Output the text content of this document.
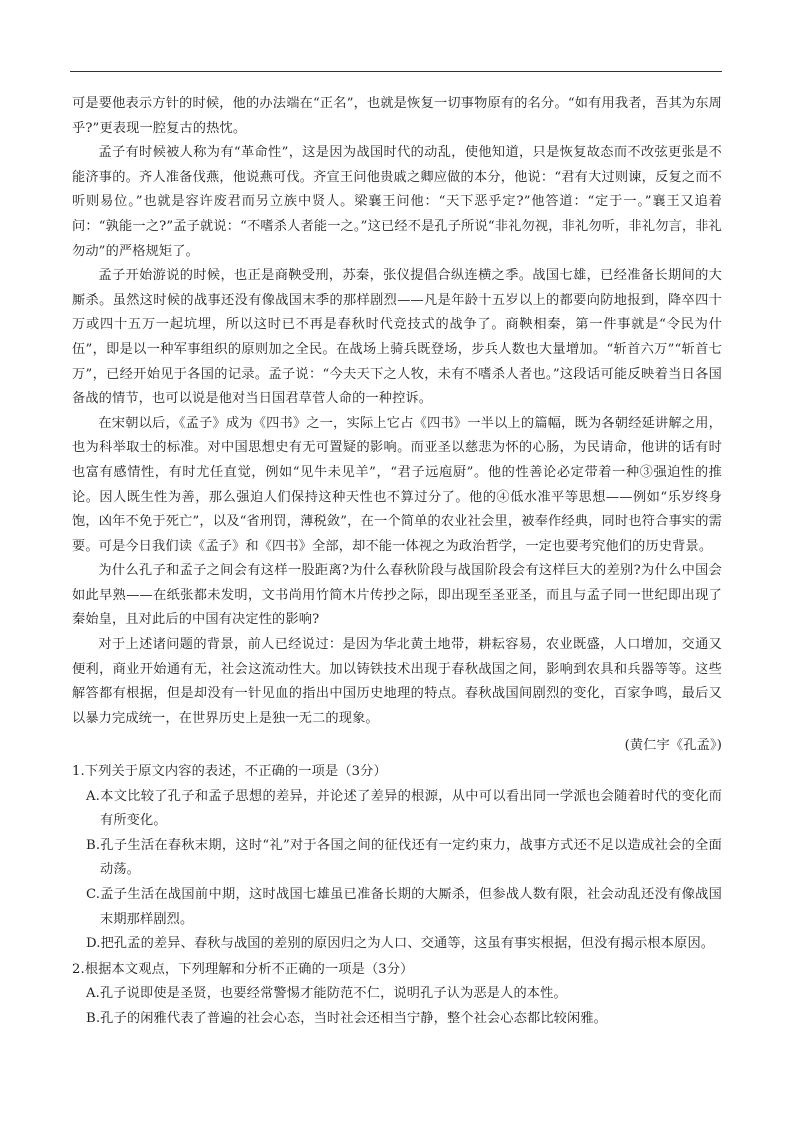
可是要他表示方针的时候，他的办法端在“正名”，也就是恢复一切事物原有的名分。“如有用我者，吾其为东周乎?”更表现一腔复古的热忱。

孟子有时候被人称为有“革命性”，这是因为战国时代的动乱，使他知道，只是恢复故态而不改弦更张是不能济事的。齐人准备伐燕，他说燕可伐。齐宣王问他贵戚之卿应做的本分，他说：“君有大过则谏，反复之而不听则易位。”也就是容许废君而另立族中贤人。梁襄王问他：“天下恶乎定?”他答道：“定于一。”襄王又追着问：“孰能一之?”孟子就说：“不嗜杀人者能一之。”这已经不是孔子所说“非礼勿视，非礼勿听，非礼勿言，非礼勿动”的严格规矩了。

孟子开始游说的时候，也正是商鞅受刑，苏秦，张仪提倡合纵连横之季。战国七雄，已经准备长期间的大厮杀。虽然这时候的战事还没有像战国末季的那样剧烈——凡是年龄十五岁以上的都要向防地报到，降卒四十万或四十五万一起坑埋，所以这时已不再是春秋时代竞技式的战争了。商鞅相秦，第一件事就是“令民为什伍”，即是以一种军事组织的原则加之全民。在战场上骑兵既登场，步兵人数也大量增加。“斩首六万”“斩首七万”，已经开始见于各国的记录。孟子说：“今夫天下之人牧，未有不嗜杀人者也。”这段话可能反映着当日各国备战的情节，也可以说是他对当日国君草菅人命的一种控诉。

在宋朝以后，《孟子》成为《四书》之一，实际上它占《四书》一半以上的篇幅，既为各朝经延讲解之用，也为科举取士的标准。对中国思想史有无可置疑的影响。而亚圣以慈悲为怀的心肠，为民请命，他讲的话有时也富有感情性，有时尤任直觉，例如“见牛未见羊”，“君子远庖厨”。他的性善论必定带着一种③强迫性的推论。因人既生性为善，那么强迫人们保持这种天性也不算过分了。他的④低水准平等思想——例如“乐岁终身饱，凶年不免于死亡”，以及“省刑罚，薄税敛”，在一个简单的农业社会里，被奉作经典，同时也符合事实的需要。可是今日我们读《孟子》和《四书》全部，却不能一体视之为政治哲学，一定也要考究他们的历史背景。

为什么孔子和孟子之间会有这样一股距离?为什么春秋阶段与战国阶段会有这样巨大的差别?为什么中国会如此早熟——在纸张都未发明，文书尚用竹简木片传抄之际，即出现至圣亚圣，而且与孟子同一世纪即出现了秦始皇，且对此后的中国有决定性的影响?

对于上述诸问题的背景，前人已经说过：是因为华北黄土地带，耕耘容易，农业既盛，人口增加，交通又便利，商业开始通有无，社会这流动性大。加以铸铁技术出现于春秋战国之间，影响到农具和兵器等等。这些解答都有根据，但是却没有一针见血的指出中国历史地理的特点。春秋战国间剧烈的变化，百家争鸣，最后又以暴力完成统一，在世界历史上是独一无二的现象。

(黄仁宇《孔孟》)

1.下列关于原文内容的表述，不正确的一项是（3分）

A.本文比较了孔子和孟子思想的差异，并论述了差异的根源，从中可以看出同一学派也会随着时代的变化而有所变化。

B.孔子生活在春秋末期，这时“礼”对于各国之间的征伐还有一定约束力，战事方式还不足以造成社会的全面动荡。

C.孟子生活在战国前中期，这时战国七雄虽已准备长期的大厮杀，但参战人数有限，社会动乱还没有像战国末期那样剧烈。

D.把孔孟的差异、春秋与战国的差别的原因归之为人口、交通等，这虽有事实根据，但没有揭示根本原因。

2.根据本文观点，下列理解和分析不正确的一项是（3分）

A.孔子说即使是圣贤，也要经常警惕才能防范不仁，说明孔子认为恶是人的本性。

B.孔子的闲雅代表了普遍的社会心态，当时社会还相当宁静，整个社会心态都比较闲雅。
